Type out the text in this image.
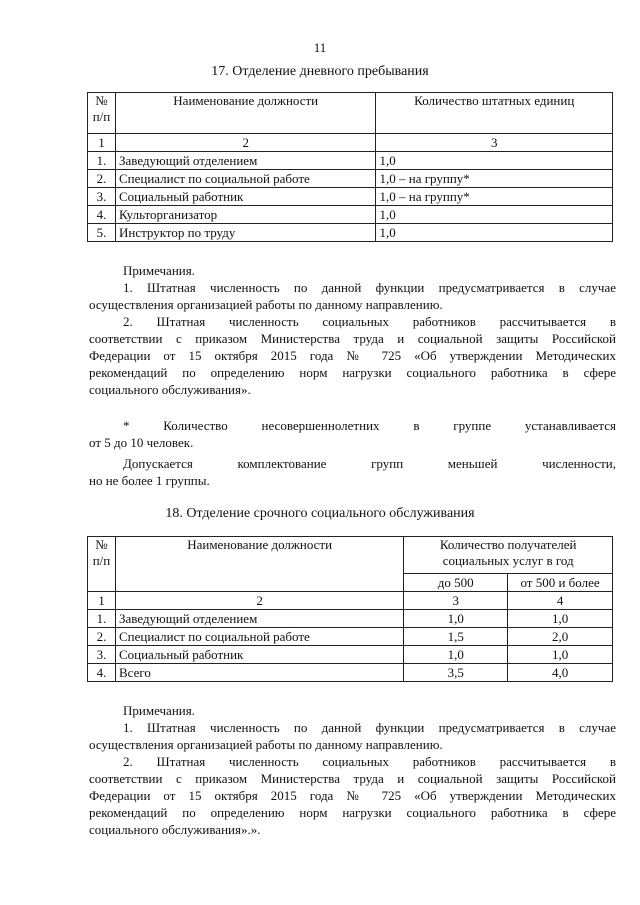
11
17. Отделение дневного пребывания
№ п/п	Наименование должности	Количество штатных единиц
1	2	3
1.	Заведующий отделением	1,0
2.	Специалист по социальной работе	1,0 – на группу*
3.	Социальный работник	1,0 – на группу*
4.	Культорганизатор	1,0
5.	Инструктор по труду	1,0

Примечания.

1. Штатная численность по данной функции предусматривается в случае

осуществления организацией работы по данному направлению.

2. Штатная численность социальных работников рассчитывается в

соответствии с приказом Министерства труда и социальной защиты Российской

Федерации от 15 октября 2015 года № 725 «Об утверждении Методических

рекомендаций по определению норм нагрузки социального работника в сфере

социального обслуживания».

* Количество несовершеннолетних в группе устанавливается

от 5 до 10 человек.

Допускается комплектование групп меньшей численности,

но не более 1 группы.

18. Отделение срочного социального обслуживания
№ п/п	Наименование должности	Количество получателей социальных услуг в год	
		до 500	от 500 и более
1	2	3	4
1.	Заведующий отделением	1,0	1,0
2.	Специалист по социальной работе	1,5	2,0
3.	Социальный работник	1,0	1,0
4.	Всего	3,5	4,0

Примечания.

1. Штатная численность по данной функции предусматривается в случае

осуществления организацией работы по данному направлению.

2. Штатная численность социальных работников рассчитывается в

соответствии с приказом Министерства труда и социальной защиты Российской

Федерации от 15 октября 2015 года № 725 «Об утверждении Методических

рекомендаций по определению норм нагрузки социального работника в сфере

социального обслуживания».».
